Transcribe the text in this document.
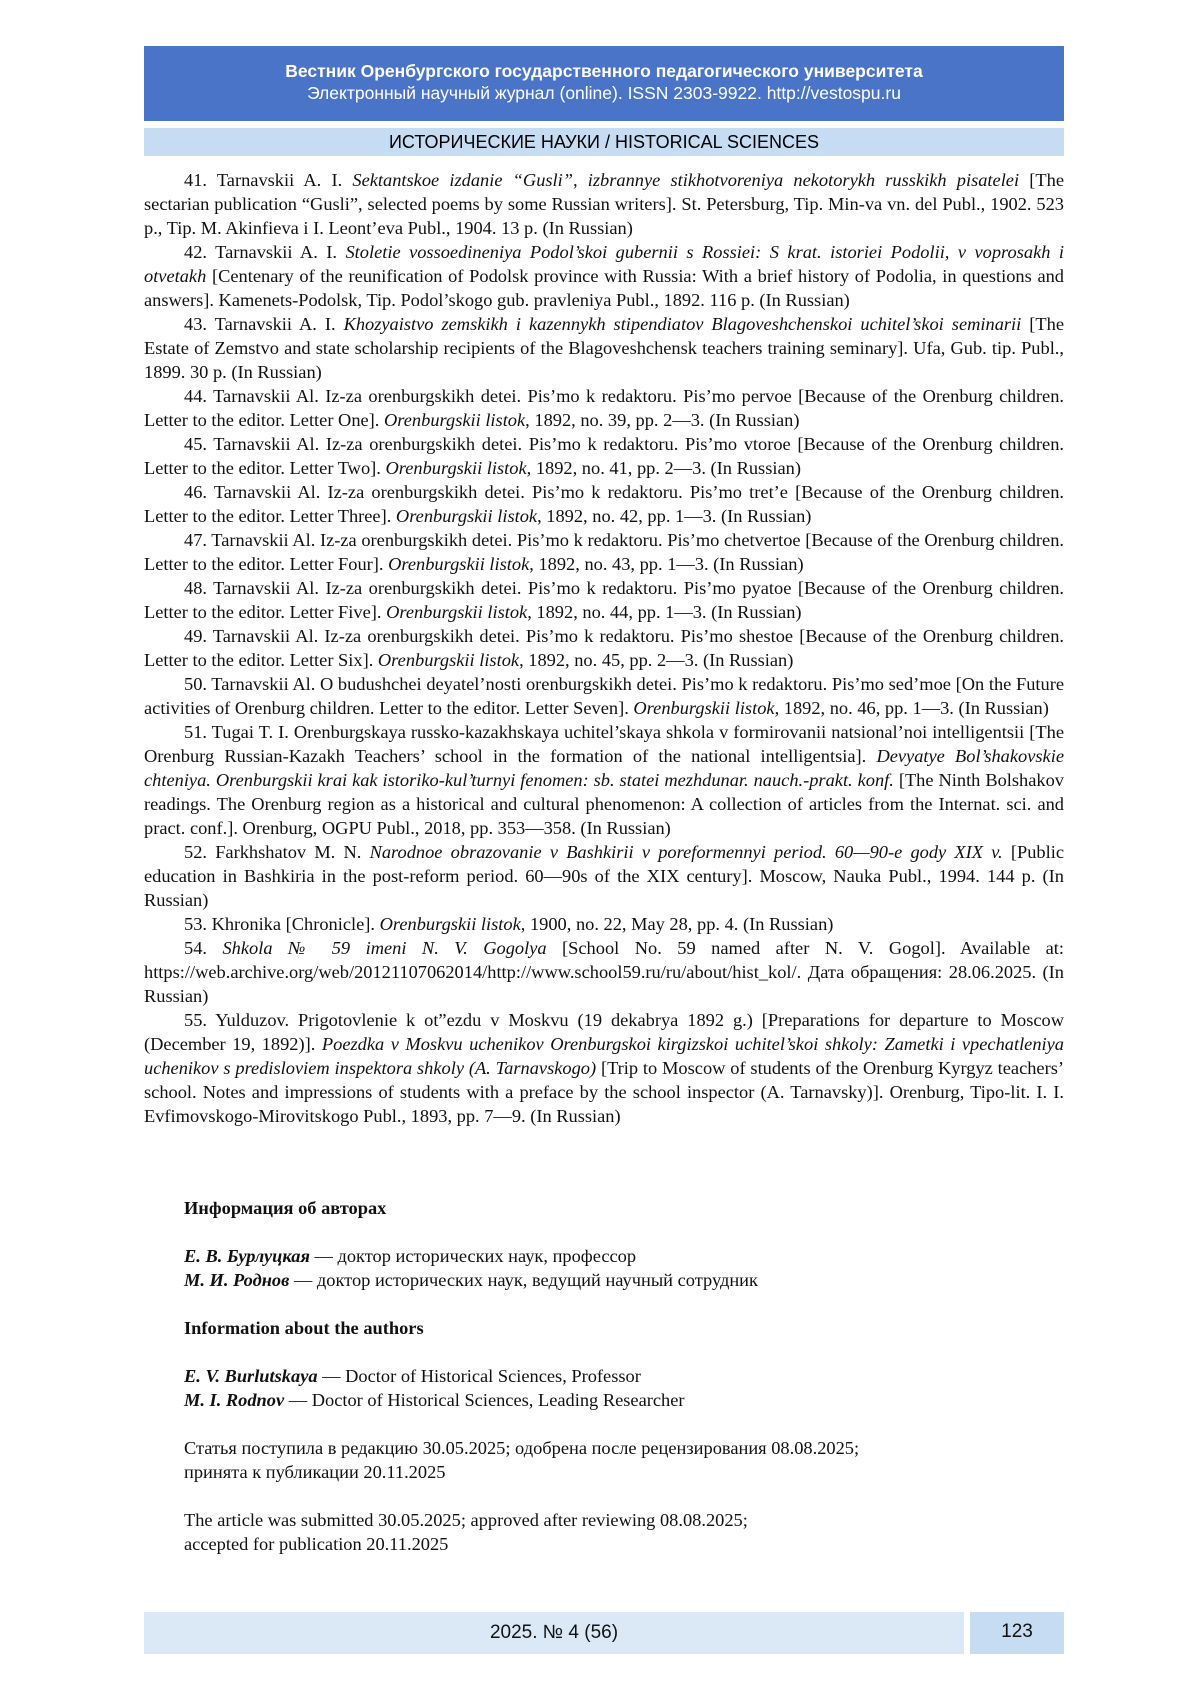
Вестник Оренбургского государственного педагогического университета
Электронный научный журнал (online). ISSN 2303-9922. http://vestospu.ru
ИСТОРИЧЕСКИЕ НАУКИ / HISTORICAL SCIENCES

41. Tarnavskii A. I. Sektantskoe izdanie “Gusli”, izbrannye stikhotvoreniya nekotorykh russkikh pisatelei [The sectarian publication “Gusli”, selected poems by some Russian writers]. St. Petersburg, Tip. Min-va vn. del Publ., 1902. 523 p., Tip. M. Akinfieva i I. Leont’eva Publ., 1904. 13 p. (In Russian)

42. Tarnavskii A. I. Stoletie vossoedineniya Podol’skoi gubernii s Rossiei: S krat. istoriei Podolii, v voprosakh i otvetakh [Centenary of the reunification of Podolsk province with Russia: With a brief history of Podolia, in questions and answers]. Kamenets-Podolsk, Tip. Podol’skogo gub. pravleniya Publ., 1892. 116 p. (In Russian)

43. Tarnavskii A. I. Khozyaistvo zemskikh i kazennykh stipendiatov Blagoveshchenskoi uchitel’skoi seminarii [The Estate of Zemstvo and state scholarship recipients of the Blagoveshchensk teachers training seminary]. Ufa, Gub. tip. Publ., 1899. 30 p. (In Russian)

44. Tarnavskii Al. Iz-za orenburgskikh detei. Pis’mo k redaktoru. Pis’mo pervoe [Because of the Orenburg children. Letter to the editor. Letter One]. Orenburgskii listok, 1892, no. 39, pp. 2—3. (In Russian)

45. Tarnavskii Al. Iz-za orenburgskikh detei. Pis’mo k redaktoru. Pis’mo vtoroe [Because of the Orenburg children. Letter to the editor. Letter Two]. Orenburgskii listok, 1892, no. 41, pp. 2—3. (In Russian)

46. Tarnavskii Al. Iz-za orenburgskikh detei. Pis’mo k redaktoru. Pis’mo tret’e [Because of the Orenburg children. Letter to the editor. Letter Three]. Orenburgskii listok, 1892, no. 42, pp. 1—3. (In Russian)

47. Tarnavskii Al. Iz-za orenburgskikh detei. Pis’mo k redaktoru. Pis’mo chetvertoe [Because of the Orenburg children. Letter to the editor. Letter Four]. Orenburgskii listok, 1892, no. 43, pp. 1—3. (In Russian)

48. Tarnavskii Al. Iz-za orenburgskikh detei. Pis’mo k redaktoru. Pis’mo pyatoe [Because of the Orenburg children. Letter to the editor. Letter Five]. Orenburgskii listok, 1892, no. 44, pp. 1—3. (In Russian)

49. Tarnavskii Al. Iz-za orenburgskikh detei. Pis’mo k redaktoru. Pis’mo shestoe [Because of the Orenburg children. Letter to the editor. Letter Six]. Orenburgskii listok, 1892, no. 45, pp. 2—3. (In Russian)

50. Tarnavskii Al. O budushchei deyatel’nosti orenburgskikh detei. Pis’mo k redaktoru. Pis’mo sed’moe [On the Future activities of Orenburg children. Letter to the editor. Letter Seven]. Orenburgskii listok, 1892, no. 46, pp. 1—3. (In Russian)

51. Tugai T. I. Orenburgskaya russko-kazakhskaya uchitel’skaya shkola v formirovanii natsional’noi intelligentsii [The Orenburg Russian-Kazakh Teachers’ school in the formation of the national intelligentsia]. Devyatye Bol’shakovskie chteniya. Orenburgskii krai kak istoriko-kul’turnyi fenomen: sb. statei mezhdunar. nauch.-prakt. konf. [The Ninth Bolshakov readings. The Orenburg region as a historical and cultural phenomenon: A collection of articles from the Internat. sci. and pract. conf.]. Orenburg, OGPU Publ., 2018, pp. 353—358. (In Russian)

52. Farkhshatov M. N. Narodnoe obrazovanie v Bashkirii v poreformennyi period. 60—90-e gody XIX v. [Public education in Bashkiria in the post-reform period. 60—90s of the XIX century]. Moscow, Nauka Publ., 1994. 144 p. (In Russian)

53. Khronika [Chronicle]. Orenburgskii listok, 1900, no. 22, May 28, pp. 4. (In Russian)

54. Shkola № 59 imeni N. V. Gogolya [School No. 59 named after N. V. Gogol]. Available at: https://web.archive.org/web/20121107062014/http://www.school59.ru/ru/about/hist_kol/. Дата обращения: 28.06.2025. (In Russian)

55. Yulduzov. Prigotovlenie k ot”ezdu v Moskvu (19 dekabrya 1892 g.) [Preparations for departure to Moscow (December 19, 1892)]. Poezdka v Moskvu uchenikov Orenburgskoi kirgizskoi uchitel’skoi shkoly: Zametki i vpechatleniya uchenikov s predisloviem inspektora shkoly (A. Tarnavskogo) [Trip to Moscow of students of the Orenburg Kyrgyz teachers’ school. Notes and impressions of students with a preface by the school inspector (A. Tarnavsky)]. Orenburg, Tipo-lit. I. I. Evfimovskogo-Mirovitskogo Publ., 1893, pp. 7—9. (In Russian)

Информация об авторах

Е. В. Бурлуцкая — доктор исторических наук, профессор

М. И. Роднов — доктор исторических наук, ведущий научный сотрудник

Information about the authors

E. V. Burlutskaya — Doctor of Historical Sciences, Professor

M. I. Rodnov — Doctor of Historical Sciences, Leading Researcher

Статья поступила в редакцию 30.05.2025; одобрена после рецензирования 08.08.2025;

принята к публикации 20.11.2025

The article was submitted 30.05.2025; approved after reviewing 08.08.2025;

accepted for publication 20.11.2025

2025. № 4 (56)	123
